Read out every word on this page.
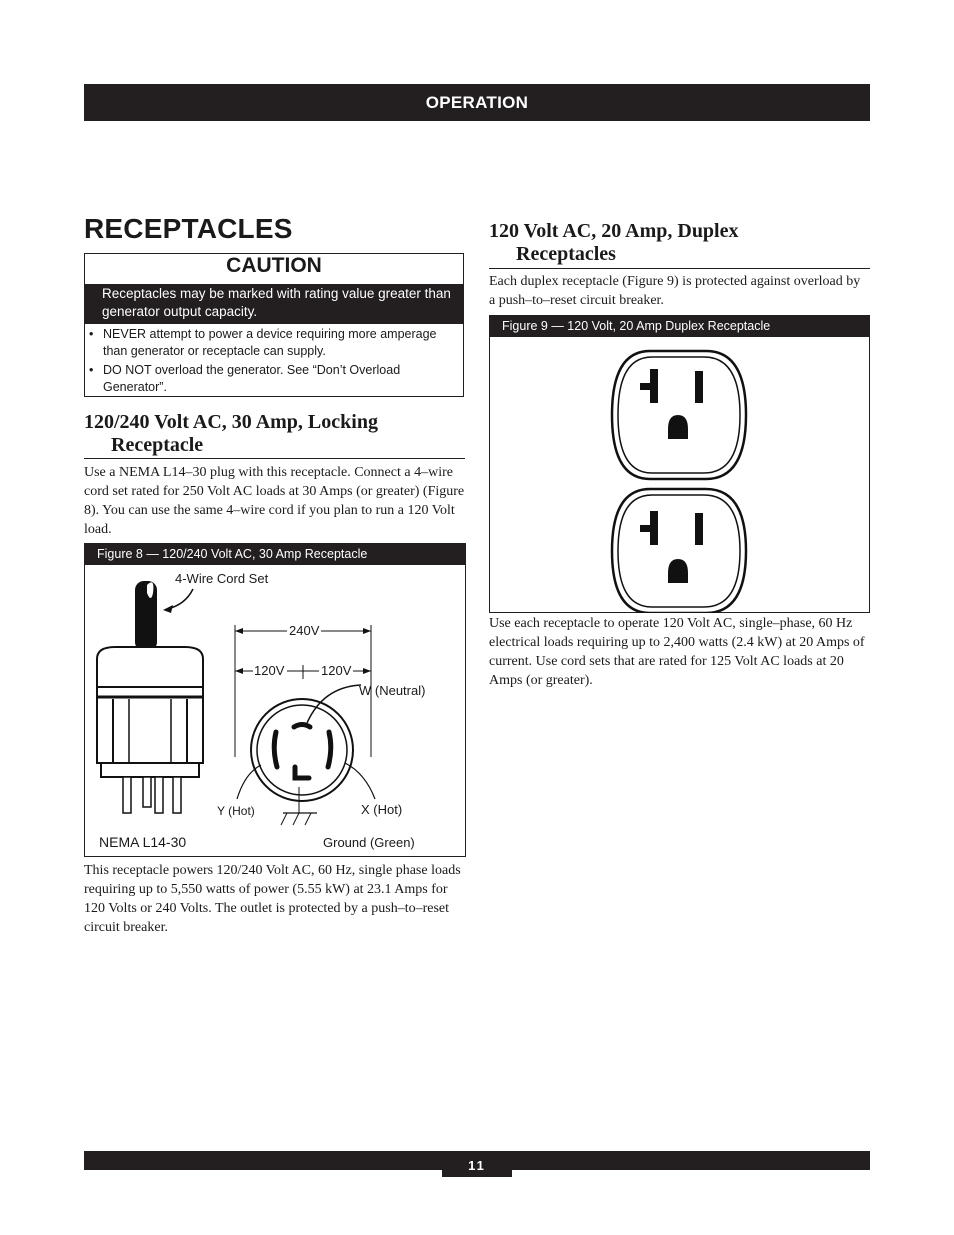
OPERATION
RECEPTACLES
CAUTION
Receptacles may be marked with rating value greater than generator output capacity.
• NEVER attempt to power a device requiring more amperage than generator or receptacle can supply.
• DO NOT overload the generator. See “Don’t Overload Generator”.
120/240 Volt AC, 30 Amp, Locking
Receptacle

Use a NEMA L14–30 plug with this receptacle. Connect a 4–wire cord set rated for 250 Volt AC loads at 30 Amps (or greater) (Figure 8). You can use the same 4–wire cord if you plan to run a 120 Volt load.

Figure 8 — 120/240 Volt AC, 30 Amp Receptacle
4-Wire Cord Set
240V
120V	120V
W (Neutral)
Y (Hot)	X (Hot)
Ground (Green)
NEMA L14-30

This receptacle powers 120/240 Volt AC, 60 Hz, single phase loads requiring up to 5,550 watts of power (5.55 kW) at 23.1 Amps for 120 Volts or 240 Volts. The outlet is protected by a push–to–reset circuit breaker.

120 Volt AC, 20 Amp, Duplex
Receptacles

Each duplex receptacle (Figure 9) is protected against overload by a push–to–reset circuit breaker.

Figure 9 — 120 Volt, 20 Amp Duplex Receptacle

Use each receptacle to operate 120 Volt AC, single–phase, 60 Hz electrical loads requiring up to 2,400 watts (2.4 kW) at 20 Amps of current. Use cord sets that are rated for 125 Volt AC loads at 20 Amps (or greater).

11
